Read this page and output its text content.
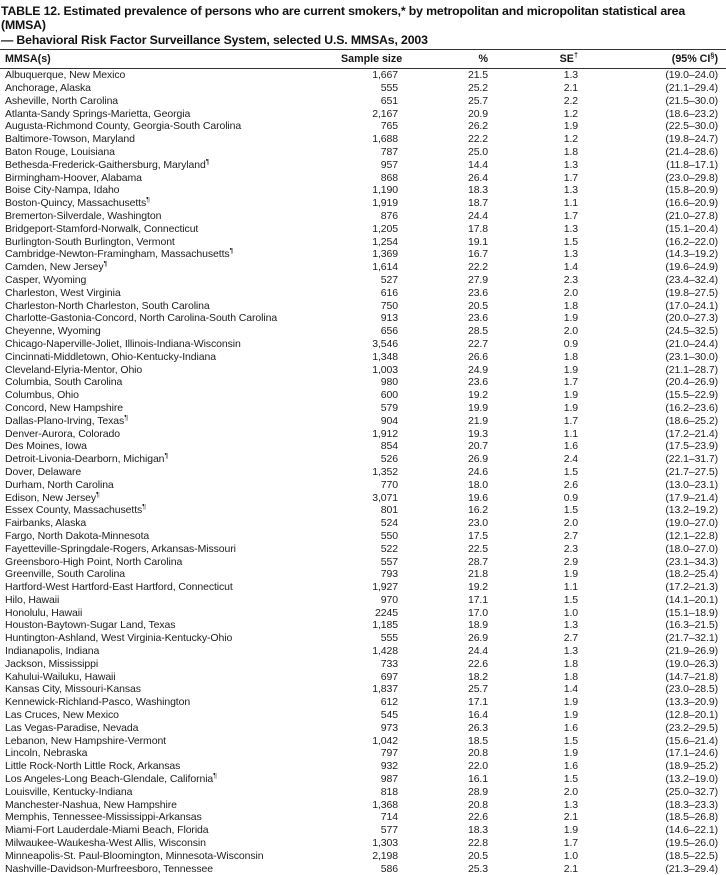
TABLE 12. Estimated prevalence of persons who are current smokers,* by metropolitan and micropolitan statistical area (MMSA)
— Behavioral Risk Factor Surveillance System, selected U.S. MMSAs, 2003
MMSA(s)	Sample size	%	SE†	(95% CI§)
Albuquerque, New Mexico	1,667	21.5	1.3	(19.0–24.0)
Anchorage, Alaska	555	25.2	2.1	(21.1–29.4)
Asheville, North Carolina	651	25.7	2.2	(21.5–30.0)
Atlanta-Sandy Springs-Marietta, Georgia	2,167	20.9	1.2	(18.6–23.2)
Augusta-Richmond County, Georgia-South Carolina	765	26.2	1.9	(22.5–30.0)
Baltimore-Towson, Maryland	1,688	22.2	1.2	(19.8–24.7)
Baton Rouge, Louisiana	787	25.0	1.8	(21.4–28.6)
Bethesda-Frederick-Gaithersburg, Maryland¶	957	14.4	1.3	(11.8–17.1)
Birmingham-Hoover, Alabama	868	26.4	1.7	(23.0–29.8)
Boise City-Nampa, Idaho	1,190	18.3	1.3	(15.8–20.9)
Boston-Quincy, Massachusetts¶	1,919	18.7	1.1	(16.6–20.9)
Bremerton-Silverdale, Washington	876	24.4	1.7	(21.0–27.8)
Bridgeport-Stamford-Norwalk, Connecticut	1,205	17.8	1.3	(15.1–20.4)
Burlington-South Burlington, Vermont	1,254	19.1	1.5	(16.2–22.0)
Cambridge-Newton-Framingham, Massachusetts¶	1,369	16.7	1.3	(14.3–19.2)
Camden, New Jersey¶	1,614	22.2	1.4	(19.6–24.9)
Casper, Wyoming	527	27.9	2.3	(23.4–32.4)
Charleston, West Virginia	616	23.6	2.0	(19.8–27.5)
Charleston-North Charleston, South Carolina	750	20.5	1.8	(17.0–24.1)
Charlotte-Gastonia-Concord, North Carolina-South Carolina	913	23.6	1.9	(20.0–27.3)
Cheyenne, Wyoming	656	28.5	2.0	(24.5–32.5)
Chicago-Naperville-Joliet, Illinois-Indiana-Wisconsin	3,546	22.7	0.9	(21.0–24.4)
Cincinnati-Middletown, Ohio-Kentucky-Indiana	1,348	26.6	1.8	(23.1–30.0)
Cleveland-Elyria-Mentor, Ohio	1,003	24.9	1.9	(21.1–28.7)
Columbia, South Carolina	980	23.6	1.7	(20.4–26.9)
Columbus, Ohio	600	19.2	1.9	(15.5–22.9)
Concord, New Hampshire	579	19.9	1.9	(16.2–23.6)
Dallas-Plano-Irving, Texas¶	904	21.9	1.7	(18.6–25.2)
Denver-Aurora, Colorado	1,912	19.3	1.1	(17.2–21.4)
Des Moines, Iowa	854	20.7	1.6	(17.5–23.9)
Detroit-Livonia-Dearborn, Michigan¶	526	26.9	2.4	(22.1–31.7)
Dover, Delaware	1,352	24.6	1.5	(21.7–27.5)
Durham, North Carolina	770	18.0	2.6	(13.0–23.1)
Edison, New Jersey¶	3,071	19.6	0.9	(17.9–21.4)
Essex County, Massachusetts¶	801	16.2	1.5	(13.2–19.2)
Fairbanks, Alaska	524	23.0	2.0	(19.0–27.0)
Fargo, North Dakota-Minnesota	550	17.5	2.7	(12.1–22.8)
Fayetteville-Springdale-Rogers, Arkansas-Missouri	522	22.5	2.3	(18.0–27.0)
Greensboro-High Point, North Carolina	557	28.7	2.9	(23.1–34.3)
Greenville, South Carolina	793	21.8	1.9	(18.2–25.4)
Hartford-West Hartford-East Hartford, Connecticut	1,927	19.2	1.1	(17.2–21.3)
Hilo, Hawaii	970	17.1	1.5	(14.1–20.1)
Honolulu, Hawaii	2245	17.0	1.0	(15.1–18.9)
Houston-Baytown-Sugar Land, Texas	1,185	18.9	1.3	(16.3–21.5)
Huntington-Ashland, West Virginia-Kentucky-Ohio	555	26.9	2.7	(21.7–32.1)
Indianapolis, Indiana	1,428	24.4	1.3	(21.9–26.9)
Jackson, Mississippi	733	22.6	1.8	(19.0–26.3)
Kahului-Wailuku, Hawaii	697	18.2	1.8	(14.7–21.8)
Kansas City, Missouri-Kansas	1,837	25.7	1.4	(23.0–28.5)
Kennewick-Richland-Pasco, Washington	612	17.1	1.9	(13.3–20.9)
Las Cruces, New Mexico	545	16.4	1.9	(12.8–20.1)
Las Vegas-Paradise, Nevada	973	26.3	1.6	(23.2–29.5)
Lebanon, New Hampshire-Vermont	1,042	18.5	1.5	(15.6–21.4)
Lincoln, Nebraska	797	20.8	1.9	(17.1–24.6)
Little Rock-North Little Rock, Arkansas	932	22.0	1.6	(18.9–25.2)
Los Angeles-Long Beach-Glendale, California¶	987	16.1	1.5	(13.2–19.0)
Louisville, Kentucky-Indiana	818	28.9	2.0	(25.0–32.7)
Manchester-Nashua, New Hampshire	1,368	20.8	1.3	(18.3–23.3)
Memphis, Tennessee-Mississippi-Arkansas	714	22.6	2.1	(18.5–26.8)
Miami-Fort Lauderdale-Miami Beach, Florida	577	18.3	1.9	(14.6–22.1)
Milwaukee-Waukesha-West Allis, Wisconsin	1,303	22.8	1.7	(19.5–26.0)
Minneapolis-St. Paul-Bloomington, Minnesota-Wisconsin	2,198	20.5	1.0	(18.5–22.5)
Nashville-Davidson-Murfreesboro, Tennessee	586	25.3	2.1	(21.3–29.4)
